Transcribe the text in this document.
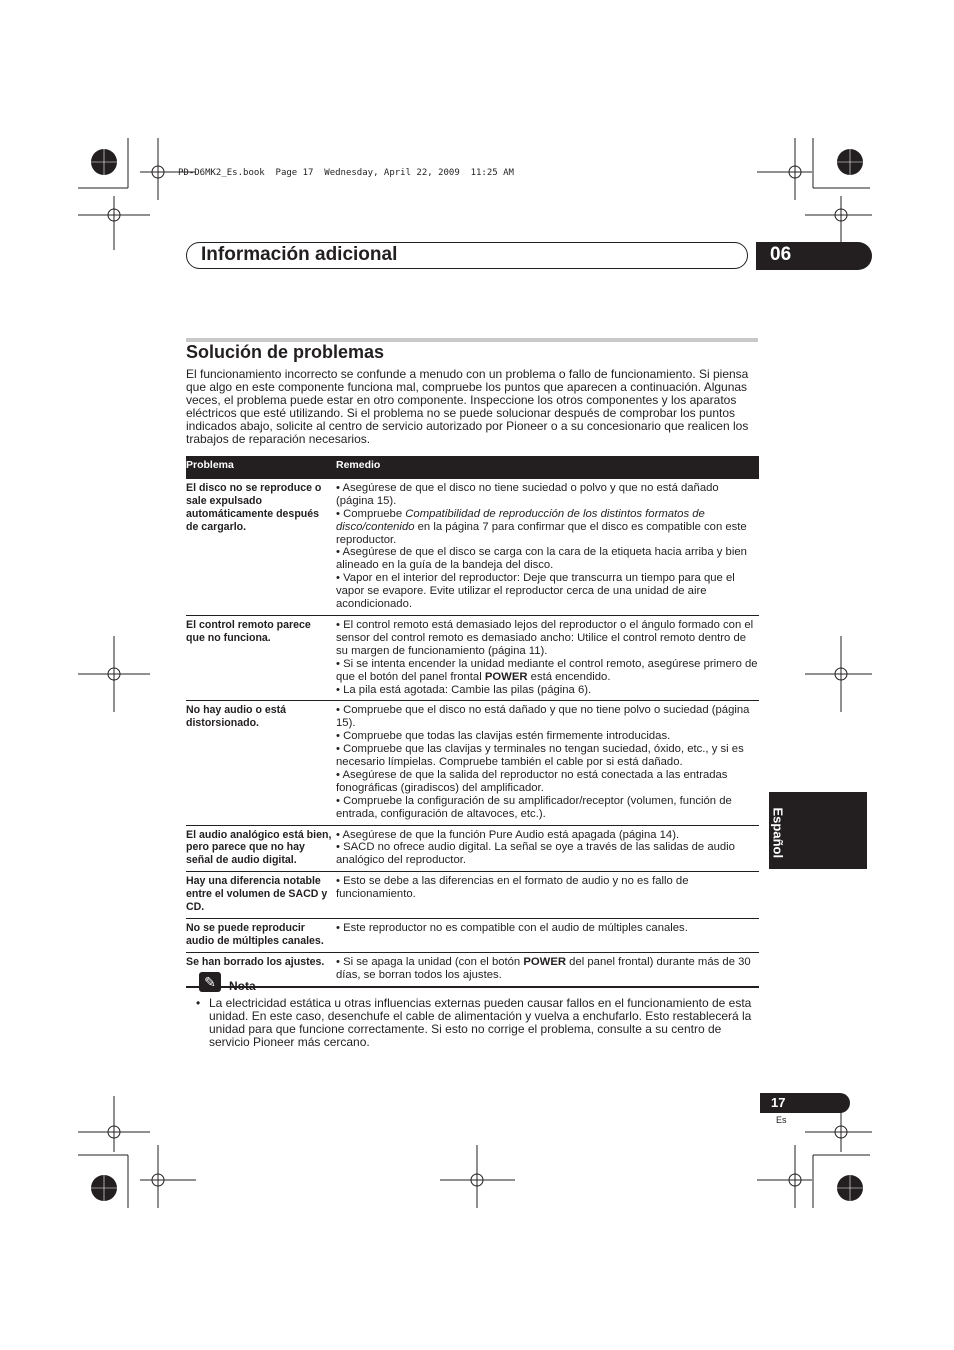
PD-D6MK2_Es.book  Page 17  Wednesday, April 22, 2009  11:25 AM
Información adicional	06
Solución de problemas
El funcionamiento incorrecto se confunde a menudo con un problema o fallo de funcionamiento. Si piensa que algo en este componente funciona mal, compruebe los puntos que aparecen a continuación. Algunas veces, el problema puede estar en otro componente. Inspeccione los otros componentes y los aparatos eléctricos que esté utilizando. Si el problema no se puede solucionar después de comprobar los puntos indicados abajo, solicite al centro de servicio autorizado por Pioneer o a su concesionario que realicen los trabajos de reparación necesarios.
Problema	Remedio
El disco no se reproduce o sale expulsado automáticamente después de cargarlo.	• Asegúrese de que el disco no tiene suciedad o polvo y que no está dañado (página 15).
• Compruebe Compatibilidad de reproducción de los distintos formatos de disco/contenido en la página 7 para confirmar que el disco es compatible con este reproductor.
• Asegúrese de que el disco se carga con la cara de la etiqueta hacia arriba y bien alineado en la guía de la bandeja del disco.
• Vapor en el interior del reproductor: Deje que transcurra un tiempo para que el vapor se evapore. Evite utilizar el reproductor cerca de una unidad de aire acondicionado.

El control remoto parece que no funciona.	• El control remoto está demasiado lejos del reproductor o el ángulo formado con el sensor del control remoto es demasiado ancho: Utilice el control remoto dentro de su margen de funcionamiento (página 11).
• Si se intenta encender la unidad mediante el control remoto, asegúrese primero de que el botón del panel frontal POWER está encendido.
• La pila está agotada: Cambie las pilas (página 6).

No hay audio o está distorsionado.	• Compruebe que el disco no está dañado y que no tiene polvo o suciedad (página 15).
• Compruebe que todas las clavijas estén firmemente introducidas.
• Compruebe que las clavijas y terminales no tengan suciedad, óxido, etc., y si es necesario límpielas. Compruebe también el cable por si está dañado.
• Asegúrese de que la salida del reproductor no está conectada a las entradas fonográficas (giradiscos) del amplificador.
• Compruebe la configuración de su amplificador/receptor (volumen, función de entrada, configuración de altavoces, etc.).

El audio analógico está bien, pero parece que no hay señal de audio digital.	• Asegúrese de que la función Pure Audio está apagada (página 14).
• SACD no ofrece audio digital. La señal se oye a través de las salidas de audio analógico del reproductor.

Hay una diferencia notable entre el volumen de SACD y CD.	• Esto se debe a las diferencias en el formato de audio y no es fallo de funcionamiento.

No se puede reproducir audio de múltiples canales.	• Este reproductor no es compatible con el audio de múltiples canales.

Se han borrado los ajustes.	• Si se apaga la unidad (con el botón POWER del panel frontal) durante más de 30 días, se borran todos los ajustes.
✎	Nota
• La electricidad estática u otras influencias externas pueden causar fallos en el funcionamiento de esta unidad. En este caso, desenchufe el cable de alimentación y vuelva a enchufarlo. Esto restablecerá la unidad para que funcione correctamente. Si esto no corrige el problema, consulte a su centro de servicio Pioneer más cercano.
Español
17
Es
